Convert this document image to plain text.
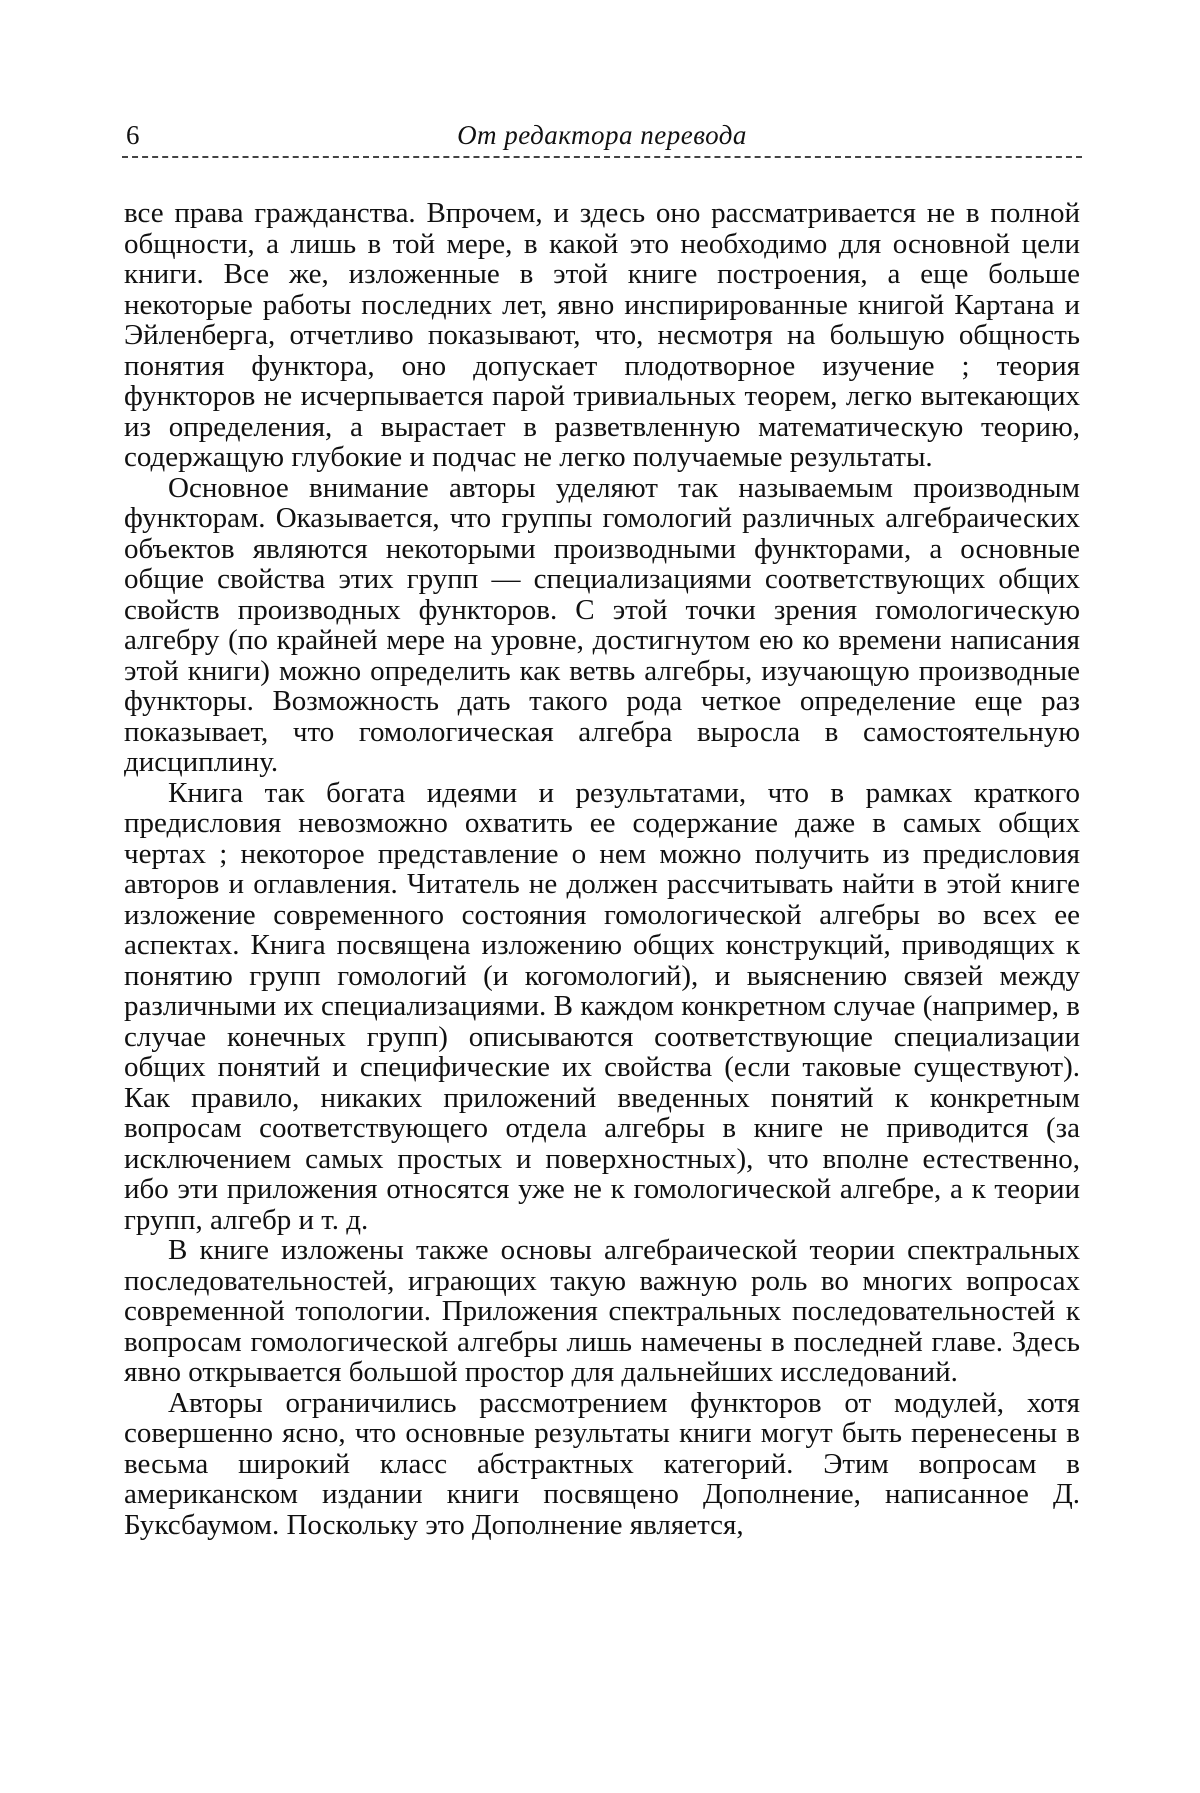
6	От редактора перевода

все права гражданства. Впрочем, и здесь оно рассматривается не в полной общности, а лишь в той мере, в какой это необходимо для основной цели книги. Все же, изложенные в этой книге построения, а еще больше некоторые работы последних лет, явно инспирированные книгой Картана и Эйленберга, отчетливо показывают, что, несмотря на большую общность понятия функтора, оно допускает плодотворное изучение ; теория функторов не исчерпывается парой тривиальных теорем, легко вытекающих из определения, а вырастает в разветвленную математическую теорию, содержащую глубокие и подчас не легко получаемые результаты.

Основное внимание авторы уделяют так называемым производным функторам. Оказывается, что группы гомологий различных алгебраических объектов являются некоторыми производными функторами, а основные общие свойства этих групп — специализациями соответствующих общих свойств производных функторов. С этой точки зрения гомологическую алгебру (по крайней мере на уровне, достигнутом ею ко времени написания этой книги) можно определить как ветвь алгебры, изучающую производные функторы. Возможность дать такого рода четкое определение еще раз показывает, что гомологическая алгебра выросла в самостоятельную дисциплину.

Книга так богата идеями и результатами, что в рамках краткого предисловия невозможно охватить ее содержание даже в самых общих чертах ; некоторое представление о нем можно получить из предисловия авторов и оглавления. Читатель не должен рассчитывать найти в этой книге изложение современного состояния гомологической алгебры во всех ее аспектах. Книга посвящена изложению общих конструкций, приводящих к понятию групп гомологий (и когомологий), и выяснению связей между различными их специализациями. В каждом конкретном случае (например, в случае конечных групп) описываются соответствующие специализации общих понятий и специфические их свойства (если таковые существуют). Как правило, никаких приложений введенных понятий к конкретным вопросам соответствующего отдела алгебры в книге не приводится (за исключением самых простых и поверхностных), что вполне естественно, ибо эти приложения относятся уже не к гомологической алгебре, а к теории групп, алгебр и т. д.

В книге изложены также основы алгебраической теории спектральных последовательностей, играющих такую важную роль во многих вопросах современной топологии. Приложения спектральных последовательностей к вопросам гомологической алгебры лишь намечены в последней главе. Здесь явно открывается большой простор для дальнейших исследований.

Авторы ограничились рассмотрением функторов от модулей, хотя совершенно ясно, что основные результаты книги могут быть перенесены в весьма широкий класс абстрактных категорий. Этим вопросам в американском издании книги посвящено Дополнение, написанное Д. Буксбаумом. Поскольку это Дополнение является,
